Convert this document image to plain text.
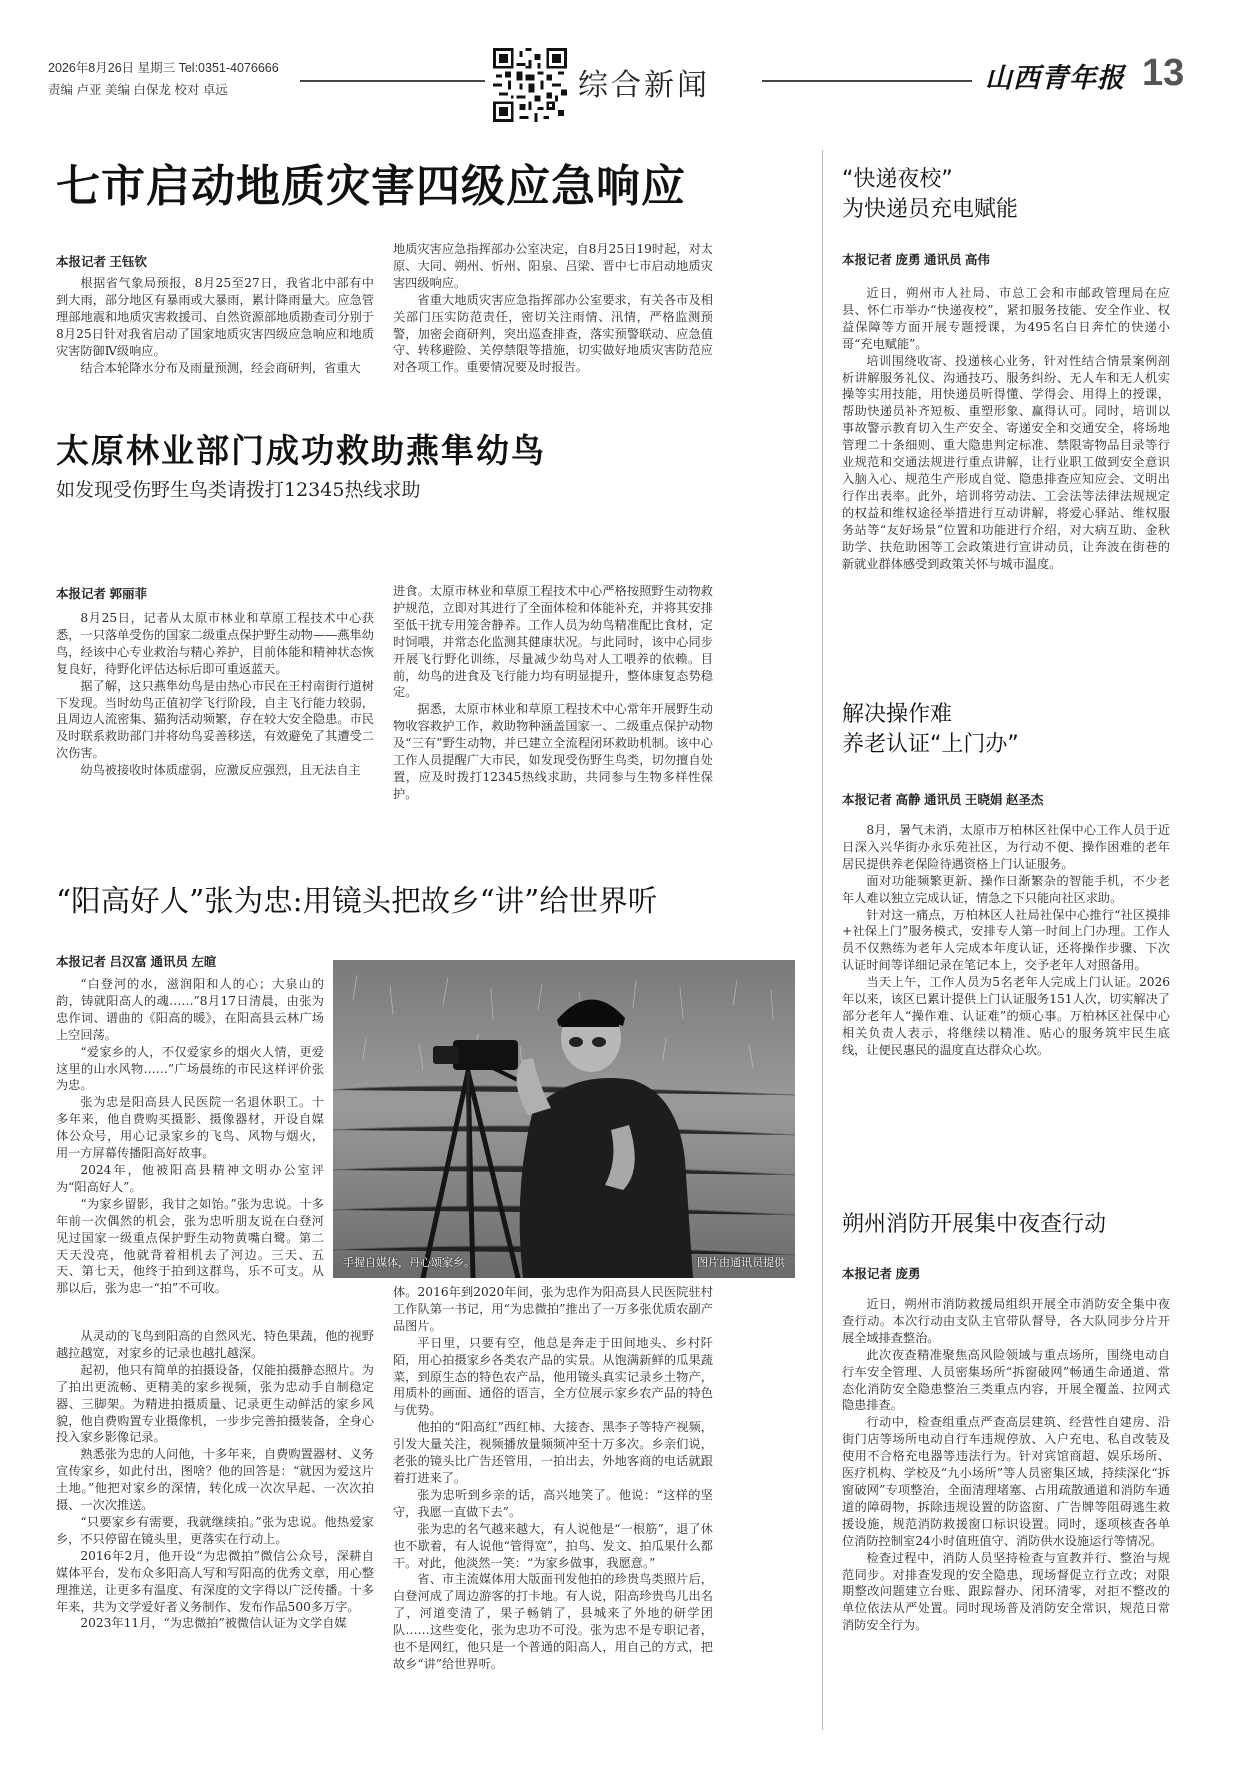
2026年8月26日 星期三 Tel:0351-4076666
责编 卢亚 美编 白保龙 校对 卓远	综合新闻	山西青年报 13
七市启动地质灾害四级应急响应
本报记者 王钰钦

根据省气象局预报，8月25至27日，我省北中部有中到大雨，部分地区有暴雨或大暴雨，累计降雨量大。应急管理部地震和地质灾害救援司、自然资源部地质勘查司分别于8月25日针对我省启动了国家地质灾害四级应急响应和地质灾害防御Ⅳ级响应。

结合本轮降水分布及雨量预测，经会商研判，省重大

地质灾害应急指挥部办公室决定，自8月25日19时起，对太原、大同、朔州、忻州、阳泉、吕梁、晋中七市启动地质灾害四级响应。

省重大地质灾害应急指挥部办公室要求，有关各市及相关部门压实防范责任，密切关注雨情、汛情，严格监测预警，加密会商研判，突出巡查排查，落实预警联动、应急值守、转移避险、关停禁限等措施，切实做好地质灾害防范应对各项工作。重要情况要及时报告。

太原林业部门成功救助燕隼幼鸟
如发现受伤野生鸟类请拨打12345热线求助
本报记者 郭丽菲

8月25日，记者从太原市林业和草原工程技术中心获悉，一只落单受伤的国家二级重点保护野生动物——燕隼幼鸟，经该中心专业救治与精心养护，目前体能和精神状态恢复良好，待野化评估达标后即可重返蓝天。

据了解，这只燕隼幼鸟是由热心市民在王村南街行道树下发现。当时幼鸟正值初学飞行阶段，自主飞行能力较弱，且周边人流密集、猫狗活动频繁，存在较大安全隐患。市民及时联系救助部门并将幼鸟妥善移送，有效避免了其遭受二次伤害。

幼鸟被接收时体质虚弱，应激反应强烈，且无法自主

进食。太原市林业和草原工程技术中心严格按照野生动物救护规范，立即对其进行了全面体检和体能补充，并将其安排至低干扰专用笼舍静养。工作人员为幼鸟精准配比食材，定时饲喂，并常态化监测其健康状况。与此同时，该中心同步开展飞行野化训练，尽量减少幼鸟对人工喂养的依赖。目前，幼鸟的进食及飞行能力均有明显提升，整体康复态势稳定。

据悉，太原市林业和草原工程技术中心常年开展野生动物收容救护工作，救助物种涵盖国家一、二级重点保护动物及“三有”野生动物，并已建立全流程闭环救助机制。该中心工作人员提醒广大市民，如发现受伤野生鸟类，切勿擅自处置，应及时拨打12345热线求助，共同参与生物多样性保护。

“阳高好人”张为忠:用镜头把故乡“讲”给世界听
本报记者 吕汉富 通讯员 左暄
手握自媒体，丹心颂家乡。	图片由通讯员提供

“白登河的水，滋润阳和人的心；大泉山的韵，铸就阳高人的魂……”8月17日清晨，由张为忠作词、谱曲的《阳高的暖》，在阳高县云林广场上空回荡。

“爱家乡的人，不仅爱家乡的烟火人情，更爱这里的山水风物……”广场晨练的市民这样评价张为忠。

张为忠是阳高县人民医院一名退休职工。十多年来，他自费购买摄影、摄像器材，开设自媒体公众号，用心记录家乡的飞鸟、风物与烟火，用一方屏幕传播阳高好故事。

2024年，他被阳高县精神文明办公室评为“阳高好人”。

“为家乡留影，我甘之如饴。”张为忠说。十多年前一次偶然的机会，张为忠听朋友说在白登河见过国家一级重点保护野生动物黄嘴白鹭。第二天天没亮，他就背着相机去了河边。三天、五天、第七天，他终于拍到这群鸟，乐不可支。从那以后，张为忠一“拍”不可收。

从灵动的飞鸟到阳高的自然风光、特色果蔬，他的视野越拉越宽，对家乡的记录也越扎越深。

起初，他只有简单的拍摄设备，仅能拍摄静态照片。为了拍出更流畅、更精美的家乡视频，张为忠动手自制稳定器、三脚架。为精进拍摄质量、记录更生动鲜活的家乡风貌，他自费购置专业摄像机，一步步完善拍摄装备，全身心投入家乡影像记录。

熟悉张为忠的人问他，十多年来，自费购置器材、义务宣传家乡，如此付出，图啥？他的回答是：“就因为爱这片土地。”他把对家乡的深情，转化成一次次早起、一次次拍摄、一次次推送。

“只要家乡有需要，我就继续拍。”张为忠说。他热爱家乡，不只停留在镜头里，更落实在行动上。

2016年2月，他开设“为忠微拍”微信公众号，深耕自媒体平台，发布众多阳高人写和写阳高的优秀文章，用心整理推送，让更多有温度、有深度的文字得以广泛传播。十多年来，共为文学爱好者义务制作、发布作品500多万字。

2023年11月，“为忠微拍”被微信认证为文学自媒

体。2016年到2020年间，张为忠作为阳高县人民医院驻村工作队第一书记，用“为忠微拍”推出了一万多张优质农副产品图片。

平日里，只要有空，他总是奔走于田间地头、乡村阡陌，用心拍摄家乡各类农产品的实景。从饱满新鲜的瓜果蔬菜，到原生态的特色农产品，他用镜头真实记录乡土物产，用质朴的画面、通俗的语言，全方位展示家乡农产品的特色与优势。

他拍的“阳高红”西红柿、大接杏、黑李子等特产视频，引发大量关注，视频播放量频频冲至十万多次。乡亲们说，老张的镜头比广告还管用，一拍出去，外地客商的电话就跟着打进来了。

张为忠听到乡亲的话，高兴地笑了。他说：“这样的坚守，我愿一直做下去”。

张为忠的名气越来越大，有人说他是“一根筋”，退了休也不歇着，有人说他“管得宽”，拍鸟、发文、拍瓜果什么都干。对此，他淡然一笑：“为家乡做事，我愿意。”

省、市主流媒体用大版面刊发他拍的珍贵鸟类照片后，白登河成了周边游客的打卡地。有人说，阳高珍贵鸟儿出名了，河道变清了，果子畅销了，县城来了外地的研学团队……这些变化，张为忠功不可没。张为忠不是专职记者，也不是网红，他只是一个普通的阳高人，用自己的方式，把故乡“讲”给世界听。

“快递夜校”
为快递员充电赋能
本报记者 庞勇 通讯员 高伟

近日，朔州市人社局、市总工会和市邮政管理局在应县、怀仁市举办“快递夜校”，紧扣服务技能、安全作业、权益保障等方面开展专题授课，为495名白日奔忙的快递小哥“充电赋能”。

培训围绕收寄、投递核心业务，针对性结合情景案例剖析讲解服务礼仪、沟通技巧、服务纠纷、无人车和无人机实操等实用技能，用快递员听得懂、学得会、用得上的授课，帮助快递员补齐短板、重塑形象、赢得认可。同时，培训以事故警示教育切入生产安全、寄递安全和交通安全，将场地管理二十条细则、重大隐患判定标准、禁限寄物品目录等行业规范和交通法规进行重点讲解，让行业职工做到安全意识入脑入心、规范生产形成自觉、隐患排查应知应会、文明出行作出表率。此外，培训将劳动法、工会法等法律法规规定的权益和维权途径举措进行互动讲解，将爱心驿站、维权服务站等“友好场景”位置和功能进行介绍，对大病互助、金秋助学、扶危助困等工会政策进行宣讲动员，让奔波在街巷的新就业群体感受到政策关怀与城市温度。

解决操作难
养老认证“上门办”
本报记者 高静 通讯员 王晓娟 赵圣杰

8月，暑气未消，太原市万柏林区社保中心工作人员于近日深入兴华街办永乐苑社区，为行动不便、操作困难的老年居民提供养老保险待遇资格上门认证服务。

面对功能频繁更新、操作日渐繁杂的智能手机，不少老年人难以独立完成认证，情急之下只能向社区求助。

针对这一痛点，万柏林区人社局社保中心推行“社区摸排+社保上门”服务模式，安排专人第一时间上门办理。工作人员不仅熟练为老年人完成本年度认证，还将操作步骤、下次认证时间等详细记录在笔记本上，交予老年人对照备用。

当天上午，工作人员为5名老年人完成上门认证。2026年以来，该区已累计提供上门认证服务151人次，切实解决了部分老年人“操作难、认证难”的烦心事。万柏林区社保中心相关负责人表示，将继续以精准、贴心的服务筑牢民生底线，让便民惠民的温度直达群众心坎。

朔州消防开展集中夜查行动
本报记者 庞勇

近日，朔州市消防救援局组织开展全市消防安全集中夜查行动。本次行动由支队主官带队督导，各大队同步分片开展全域排查整治。

此次夜查精准聚焦高风险领域与重点场所，围绕电动自行车安全管理、人员密集场所“拆窗破网”畅通生命通道、常态化消防安全隐患整治三类重点内容，开展全覆盖、拉网式隐患排查。

行动中，检查组重点严查高层建筑、经营性自建房、沿街门店等场所电动自行车违规停放、入户充电、私自改装及使用不合格充电器等违法行为。针对宾馆商超、娱乐场所、医疗机构、学校及“九小场所”等人员密集区域，持续深化“拆窗破网”专项整治，全面清理堵塞、占用疏散通道和消防车通道的障碍物，拆除违规设置的防盗窗、广告牌等阻碍逃生救援设施，规范消防救援窗口标识设置。同时，逐项核查各单位消防控制室24小时值班值守、消防供水设施运行等情况。

检查过程中，消防人员坚持检查与宣教并行、整治与规范同步。对排查发现的安全隐患，现场督促立行立改；对限期整改问题建立台账、跟踪督办、闭环清零，对拒不整改的单位依法从严处置。同时现场普及消防安全常识，规范日常消防安全行为。
